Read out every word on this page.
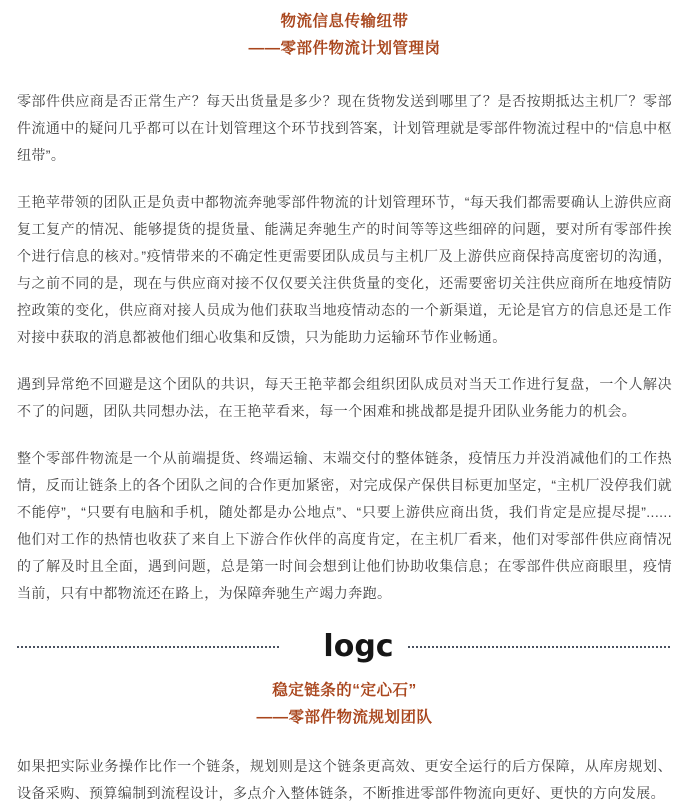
物流信息传输纽带
——零部件物流计划管理岗

零部件供应商是否正常生产？每天出货量是多少？现在货物发送到哪里了？是否按期抵达主机厂？零部件流通中的疑问几乎都可以在计划管理这个环节找到答案，计划管理就是零部件物流过程中的“信息中枢纽带”。

王艳苹带领的团队正是负责中都物流奔驰零部件物流的计划管理环节，“每天我们都需要确认上游供应商复工复产的情况、能够提货的提货量、能满足奔驰生产的时间等等这些细碎的问题，要对所有零部件挨个进行信息的核对。”疫情带来的不确定性更需要团队成员与主机厂及上游供应商保持高度密切的沟通，与之前不同的是，现在与供应商对接不仅仅要关注供货量的变化，还需要密切关注供应商所在地疫情防控政策的变化，供应商对接人员成为他们获取当地疫情动态的一个新渠道，无论是官方的信息还是工作对接中获取的消息都被他们细心收集和反馈，只为能助力运输环节作业畅通。

遇到异常绝不回避是这个团队的共识，每天王艳苹都会组织团队成员对当天工作进行复盘，一个人解决不了的问题，团队共同想办法，在王艳苹看来，每一个困难和挑战都是提升团队业务能力的机会。

整个零部件物流是一个从前端提货、终端运输、末端交付的整体链条，疫情压力并没消减他们的工作热情，反而让链条上的各个团队之间的合作更加紧密，对完成保产保供目标更加坚定，“主机厂没停我们就不能停”，“只要有电脑和手机，随处都是办公地点”、“只要上游供应商出货，我们肯定是应提尽提”......他们对工作的热情也收获了来自上下游合作伙伴的高度肯定，在主机厂看来，他们对零部件供应商情况的了解及时且全面，遇到问题，总是第一时间会想到让他们协助收集信息；在零部件供应商眼里，疫情当前，只有中都物流还在路上，为保障奔驰生产竭力奔跑。

logc
稳定链条的“定心石”
——零部件物流规划团队

如果把实际业务操作比作一个链条，规划则是这个链条更高效、更安全运行的后方保障，从库房规划、设备采购、预算编制到流程设计，多点介入整体链条，不断推进零部件物流向更好、更快的方向发展。
